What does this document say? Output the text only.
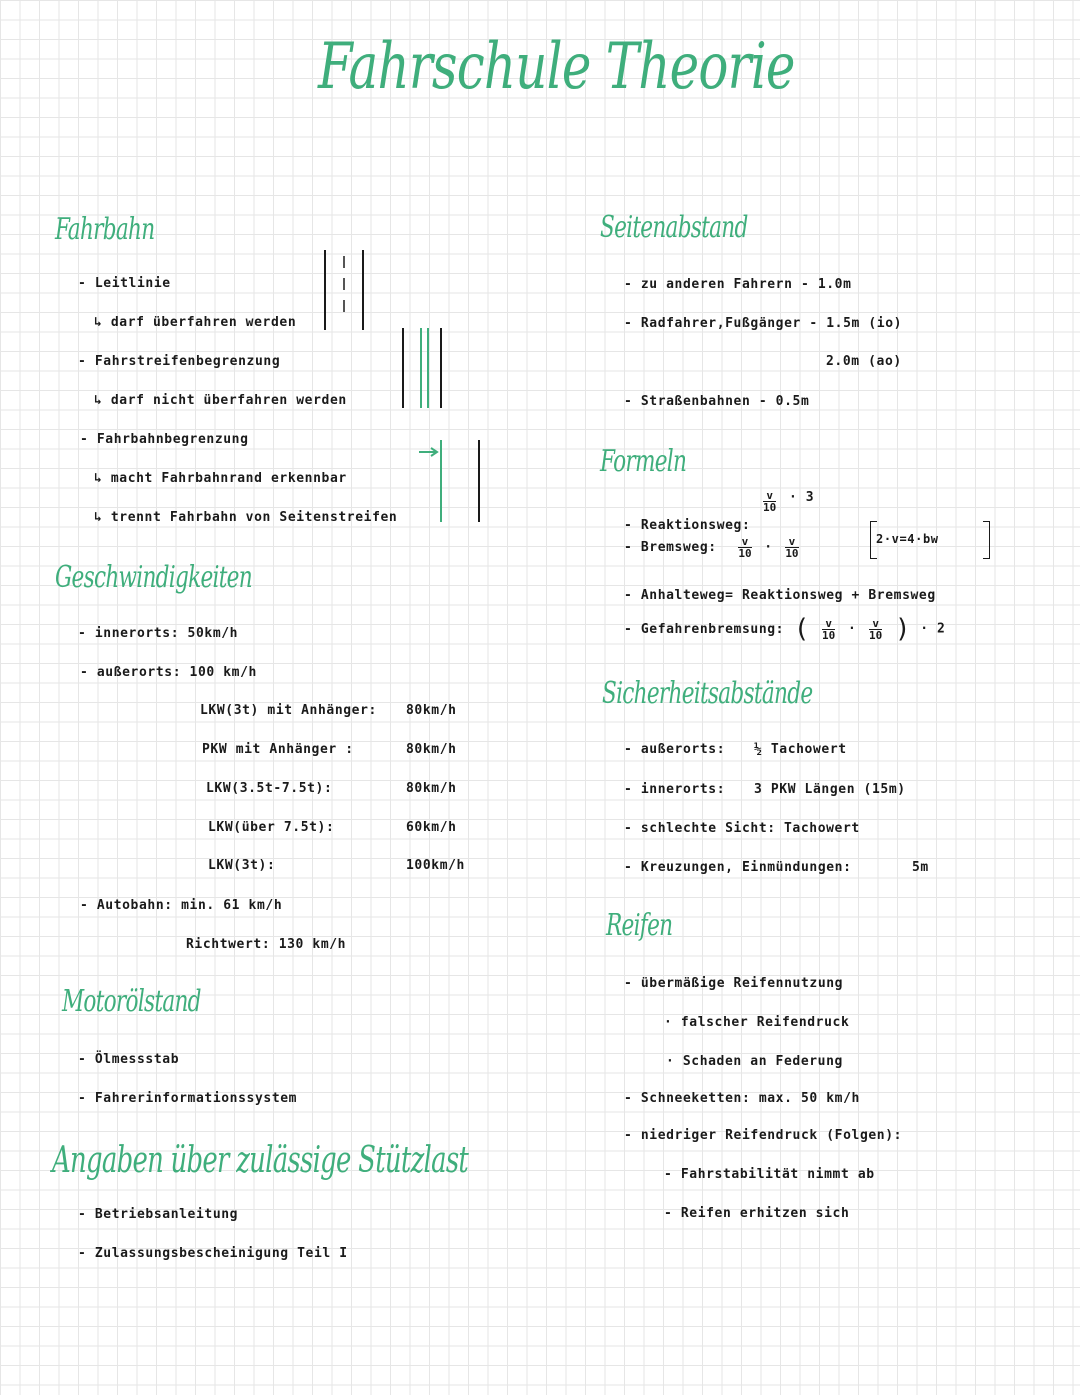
Fahrschule Theorie
Fahrbahn
- Leitlinie
↳ darf überfahren werden
- Fahrstreifenbegrenzung
↳ darf nicht überfahren werden
- Fahrbahnbegrenzung
↳ macht Fahrbahnrand erkennbar
↳ trennt Fahrbahn von Seitenstreifen
Geschwindigkeiten
- innerorts: 50km/h
- außerorts: 100 km/h
LKW(3t) mit Anhänger: 80km/h
PKW mit Anhänger :	80km/h
LKW(3.5t-7.5t):	80km/h
LKW(über 7.5t):	60km/h
LKW(3t):	100km/h
- Autobahn: min. 61 km/h
Richtwert: 130 km/h
Motorölstand
- Ölmessstab
- Fahrerinformationssystem
Angaben über zulässige Stützlast
- Betriebsanleitung
- Zulassungsbescheinigung Teil I
Seitenabstand
- zu anderen Fahrern - 1.0m
- Radfahrer,Fußgänger - 1.5m (io)
2.0m (ao)
- Straßenbahnen - 0.5m
Formeln
- Reaktionsweg:
$\frac{v}{10} ^{\cdot 3}$
- Bremsweg: $\frac{v}{10} \cdot \frac{v}{10}$	2·v=4·bw
- Anhalteweg= Reaktionsweg + Bremsweg
- Gefahrenbremsung: ( $\frac{v}{10} \cdot \frac{v}{10}$ ) · 2
Sicherheitsabstände
- außerorts: ½ Tachowert
- innerorts: 3 PKW Längen (15m)
- schlechte Sicht: Tachowert
- Kreuzungen, Einmündungen:	5m
Reifen
- übermäßige Reifennutzung
· falscher Reifendruck
· Schaden an Federung
- Schneeketten: max. 50 km/h
- niedriger Reifendruck (Folgen):
- Fahrstabilität nimmt ab
- Reifen erhitzen sich
